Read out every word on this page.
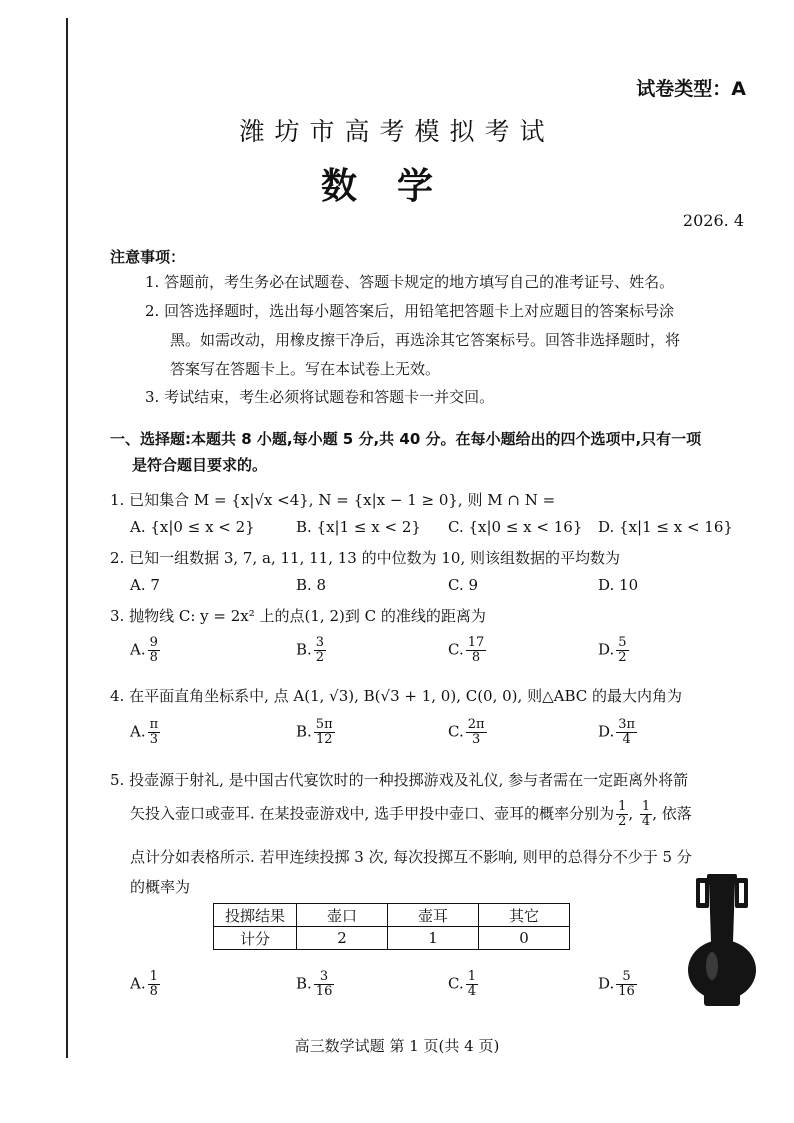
试卷类型：A
潍坊市高考模拟考试
数学
2026. 4
注意事项：
1. 答题前，考生务必在试题卷、答题卡规定的地方填写自己的准考证号、姓名。
2. 回答选择题时，选出每小题答案后，用铅笔把答题卡上对应题目的答案标号涂
黑。如需改动，用橡皮擦干净后，再选涂其它答案标号。回答非选择题时，将
答案写在答题卡上。写在本试卷上无效。
3. 考试结束，考生必须将试题卷和答题卡一并交回。
一、选择题:本题共 8 小题,每小题 5 分,共 40 分。在每小题给出的四个选项中,只有一项
是符合题目要求的。
1. 已知集合 M = {x|√x <4}, N = {x|x − 1 ≥ 0}, 则 M ∩ N =
A. {x|0 ≤ x < 2}	B. {x|1 ≤ x < 2} C. {x|0 ≤ x < 16} D. {x|1 ≤ x < 16}
2. 已知一组数据 3, 7, a, 11, 11, 13 的中位数为 10, 则该组数据的平均数为
A. 7	B. 8	C. 9	D. 10
3. 抛物线 C: y = 2x² 上的点(1, 2)到 C 的准线的距离为
A. $\frac{9}{8}$	B. $\frac{3}{2}$	C. $\frac{17}{8}$	D. $\frac{5}{2}$
4. 在平面直角坐标系中, 点 A(1, √3), B(√3 + 1, 0), C(0, 0), 则△ABC 的最大内角为
A. $\frac{\pi}{3}$	B. $\frac{5\pi}{12}$	C. $\frac{2\pi}{3}$	D. $\frac{3\pi}{4}$
5. 投壶源于射礼, 是中国古代宴饮时的一种投掷游戏及礼仪, 参与者需在一定距离外将箭
矢投入壶口或壶耳. 在某投壶游戏中, 选手甲投中壶口、壶耳的概率分别为 $\frac{1}{2}$ , $\frac{1}{4}$ , 依落
点计分如表格所示. 若甲连续投掷 3 次, 每次投掷互不影响, 则甲的总得分不少于 5 分
的概率为
投掷结果	壶口	壶耳	其它
计分	2	1	0
A. $\frac{1}{8}$	B. $\frac{3}{16}$	C. $\frac{1}{4}$	D. $\frac{5}{16}$
高三数学试题 第 1 页(共 4 页)
